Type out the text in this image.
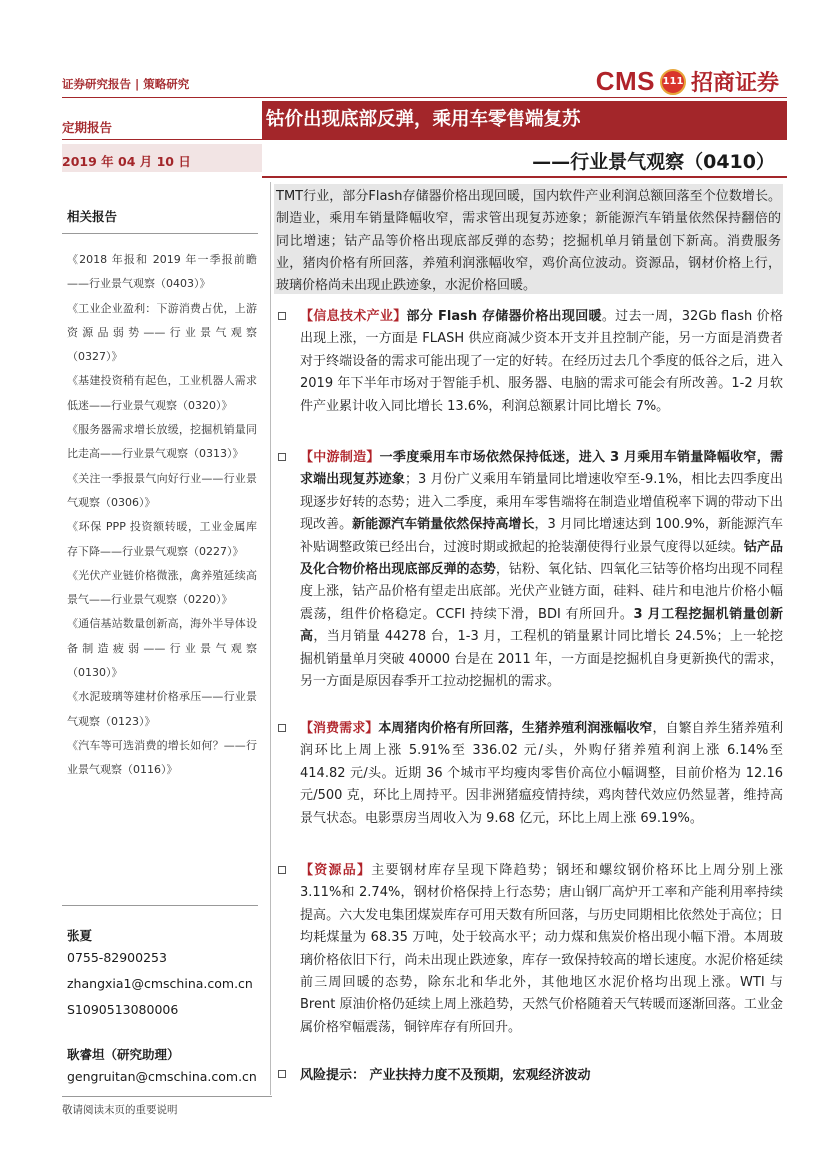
证券研究报告 | 策略研究	CMS 111 招商证券
定期报告	钴价出现底部反弹，乘用车零售端复苏
2019 年 04 月 10 日	——行业景气观察（0410）
相关报告
《2018 年报和 2019 年一季报前瞻——行业景气观察（0403）》
《工业企业盈利：下游消费占优，上游资源品弱势——行业景气观察（0327）》
《基建投资稍有起色，工业机器人需求低迷——行业景气观察（0320）》
《服务器需求增长放缓，挖掘机销量同比走高——行业景气观察（0313）》
《关注一季报景气向好行业——行业景气观察（0306）》
《环保 PPP 投资额转暖，工业金属库存下降——行业景气观察（0227）》
《光伏产业链价格微涨，禽养殖延续高景气——行业景气观察（0220）》
《通信基站数量创新高，海外半导体设备制造疲弱——行业景气观察（0130）》
《水泥玻璃等建材价格承压——行业景气观察（0123）》
《汽车等可选消费的增长如何？——行业景气观察（0116）》
张夏
0755-82900253
zhangxia1@cmschina.com.cn
S1090513080006
耿睿坦（研究助理）
gengruitan@cmschina.com.cn

TMT行业，部分Flash存储器价格出现回暖，国内软件产业利润总额回落至个位数增长。制造业，乘用车销量降幅收窄，需求管出现复苏迹象；新能源汽车销量依然保持翻倍的同比增速；钴产品等价格出现底部反弹的态势；挖掘机单月销量创下新高。消费服务业，猪肉价格有所回落，养殖利润涨幅收窄，鸡价高位波动。资源品，钢材价格上行，玻璃价格尚未出现止跌迹象，水泥价格回暖。

【信息技术产业】部分 Flash 存储器价格出现回暖。过去一周，32Gb flash 价格出现上涨，一方面是 FLASH 供应商减少资本开支并且控制产能，另一方面是消费者对于终端设备的需求可能出现了一定的好转。在经历过去几个季度的低谷之后，进入 2019 年下半年市场对于智能手机、服务器、电脑的需求可能会有所改善。1-2 月软件产业累计收入同比增长 13.6%，利润总额累计同比增长 7%。
【中游制造】一季度乘用车市场依然保持低迷，进入 3 月乘用车销量降幅收窄，需求端出现复苏迹象；3 月份广义乘用车销量同比增速收窄至-9.1%，相比去四季度出现逐步好转的态势；进入二季度，乘用车零售端将在制造业增值税率下调的带动下出现改善。新能源汽车销量依然保持高增长，3 月同比增速达到 100.9%，新能源汽车补贴调整政策已经出台，过渡时期或掀起的抢装潮使得行业景气度得以延续。钴产品及化合物价格出现底部反弹的态势，钴粉、氧化钴、四氧化三钴等价格均出现不同程度上涨，钴产品价格有望走出底部。光伏产业链方面，硅料、硅片和电池片价格小幅震荡，组件价格稳定。CCFI 持续下滑，BDI 有所回升。3 月工程挖掘机销量创新高，当月销量 44278 台，1-3 月，工程机的销量累计同比增长 24.5%；上一轮挖掘机销量单月突破 40000 台是在 2011 年，一方面是挖掘机自身更新换代的需求，另一方面是原因春季开工拉动挖掘机的需求。
【消费需求】本周猪肉价格有所回落，生猪养殖利润涨幅收窄，自繁自养生猪养殖利润环比上周上涨 5.91%至 336.02 元/头，外购仔猪养殖利润上涨 6.14%至 414.82 元/头。近期 36 个城市平均瘦肉零售价高位小幅调整，目前价格为 12.16 元/500 克，环比上周持平。因非洲猪瘟疫情持续，鸡肉替代效应仍然显著，维持高景气状态。电影票房当周收入为 9.68 亿元，环比上周上涨 69.19%。
【资源品】主要钢材库存呈现下降趋势；钢坯和螺纹钢价格环比上周分别上涨 3.11%和 2.74%，钢材价格保持上行态势；唐山钢厂高炉开工率和产能利用率持续提高。六大发电集团煤炭库存可用天数有所回落，与历史同期相比依然处于高位；日均耗煤量为 68.35 万吨，处于较高水平；动力煤和焦炭价格出现小幅下滑。本周玻璃价格依旧下行，尚未出现止跌迹象，库存一致保持较高的增长速度。水泥价格延续前三周回暖的态势，除东北和华北外，其他地区水泥价格均出现上涨。WTI 与 Brent 原油价格仍延续上周上涨趋势，天然气价格随着天气转暖而逐渐回落。工业金属价格窄幅震荡，铜锌库存有所回升。
风险提示： 产业扶持力度不及预期，宏观经济波动
敬请阅读末页的重要说明
